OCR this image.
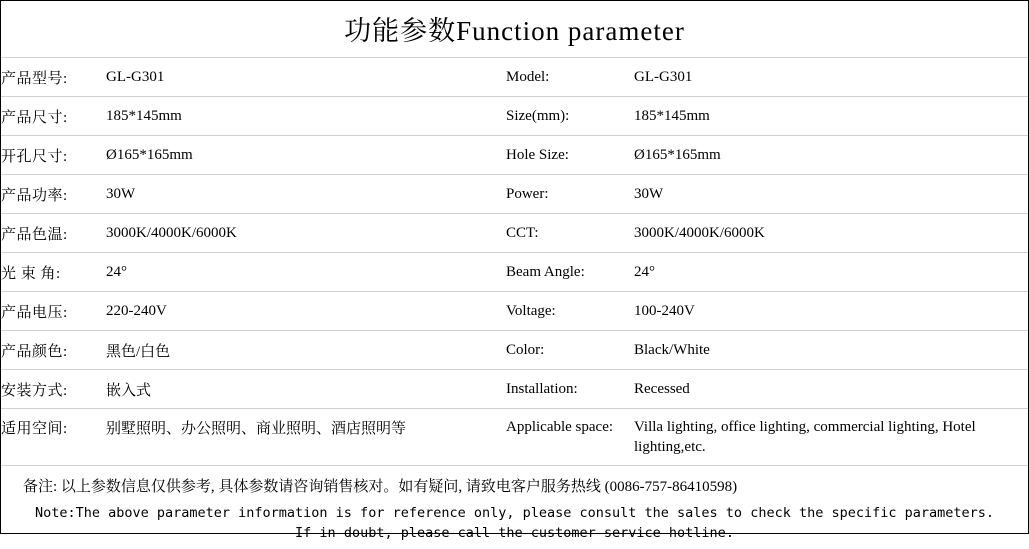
功能参数Function parameter
产品型号:	GL-G301	Model:	GL-G301
产品尺寸:	185*145mm	Size(mm):	185*145mm
开孔尺寸:	Ø165*165mm	Hole Size:	Ø165*165mm
产品功率:	30W	Power:	30W
产品色温:	3000K/4000K/6000K	CCT:	3000K/4000K/6000K
光 束 角:	24°	Beam Angle:	24°
产品电压:	220-240V	Voltage:	100-240V
产品颜色:	黑色/白色	Color:	Black/White
安装方式:	嵌入式	Installation:	Recessed
适用空间:	别墅照明、办公照明、商业照明、酒店照明等	Applicable space:	Villa lighting, office lighting, commercial lighting, Hotel lighting,etc.
备注: 以上参数信息仅供参考, 具体参数请咨询销售核对。如有疑问, 请致电客户服务热线 (0086-757-86410598)
Note:The above parameter information is for reference only, please consult the sales to check the specific parameters.
If in doubt, please call the customer service hotline.
